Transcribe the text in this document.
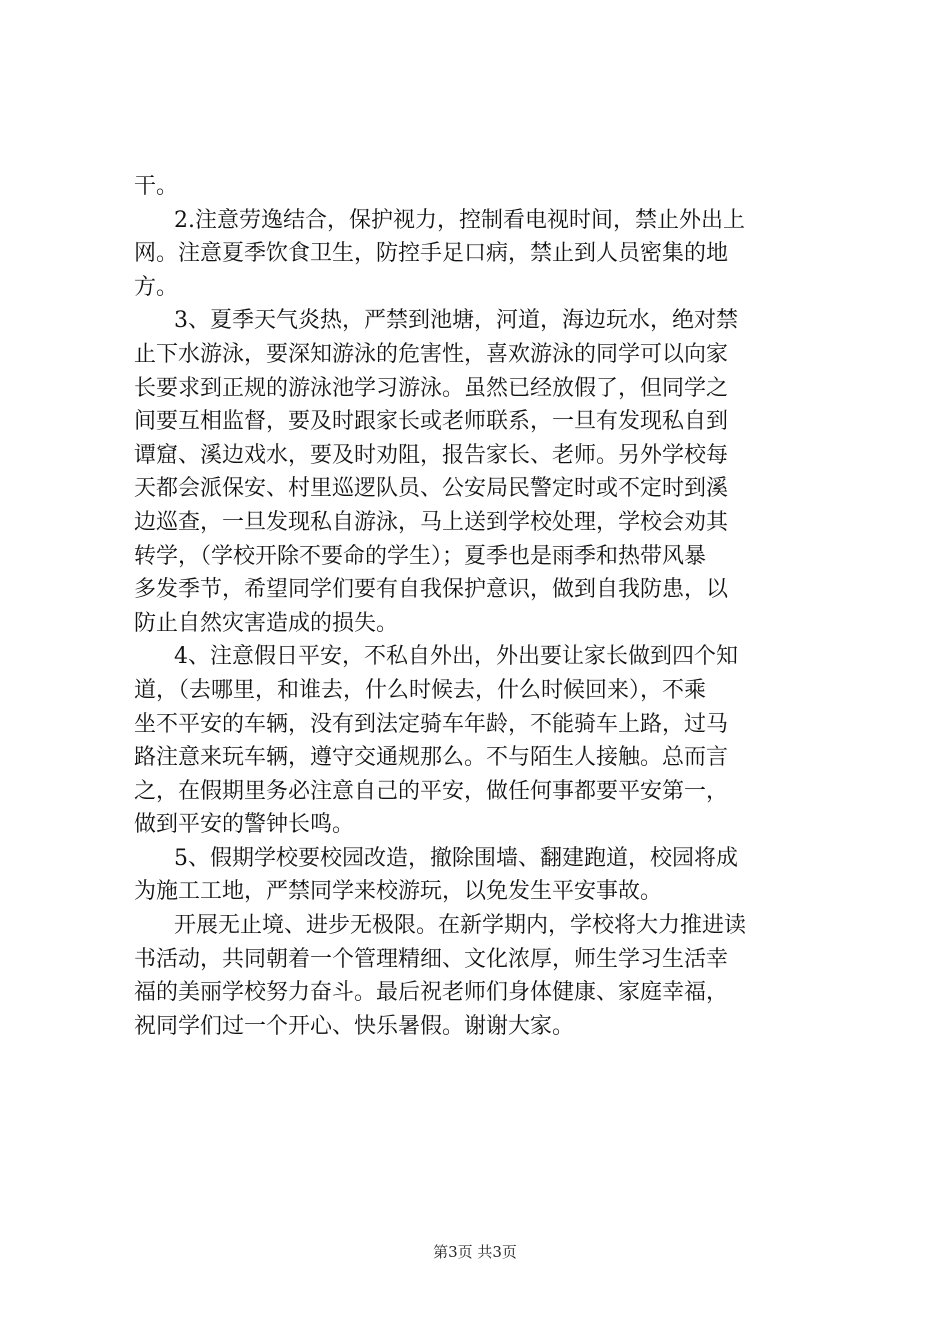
干。
2.注意劳逸结合，保护视力，控制看电视时间，禁止外出上
网。注意夏季饮食卫生，防控手足口病，禁止到人员密集的地
方。
3、夏季天气炎热，严禁到池塘，河道，海边玩水，绝对禁
止下水游泳，要深知游泳的危害性，喜欢游泳的同学可以向家
长要求到正规的游泳池学习游泳。虽然已经放假了，但同学之
间要互相监督，要及时跟家长或老师联系，一旦有发现私自到
谭窟、溪边戏水，要及时劝阻，报告家长、老师。另外学校每
天都会派保安、村里巡逻队员、公安局民警定时或不定时到溪
边巡查，一旦发现私自游泳，马上送到学校处理，学校会劝其
转学，（学校开除不要命的学生）；夏季也是雨季和热带风暴
多发季节，希望同学们要有自我保护意识，做到自我防患，以
防止自然灾害造成的损失。
4、注意假日平安，不私自外出，外出要让家长做到四个知
道，（去哪里，和谁去，什么时候去，什么时候回来），不乘
坐不平安的车辆，没有到法定骑车年龄，不能骑车上路，过马
路注意来玩车辆，遵守交通规那么。不与陌生人接触。总而言
之，在假期里务必注意自己的平安，做任何事都要平安第一，
做到平安的警钟长鸣。
5、假期学校要校园改造，撤除围墙、翻建跑道，校园将成
为施工工地，严禁同学来校游玩，以免发生平安事故。
开展无止境、进步无极限。在新学期内，学校将大力推进读
书活动，共同朝着一个管理精细、文化浓厚，师生学习生活幸
福的美丽学校努力奋斗。最后祝老师们身体健康、家庭幸福，
祝同学们过一个开心、快乐暑假。谢谢大家。
第3页 共3页
